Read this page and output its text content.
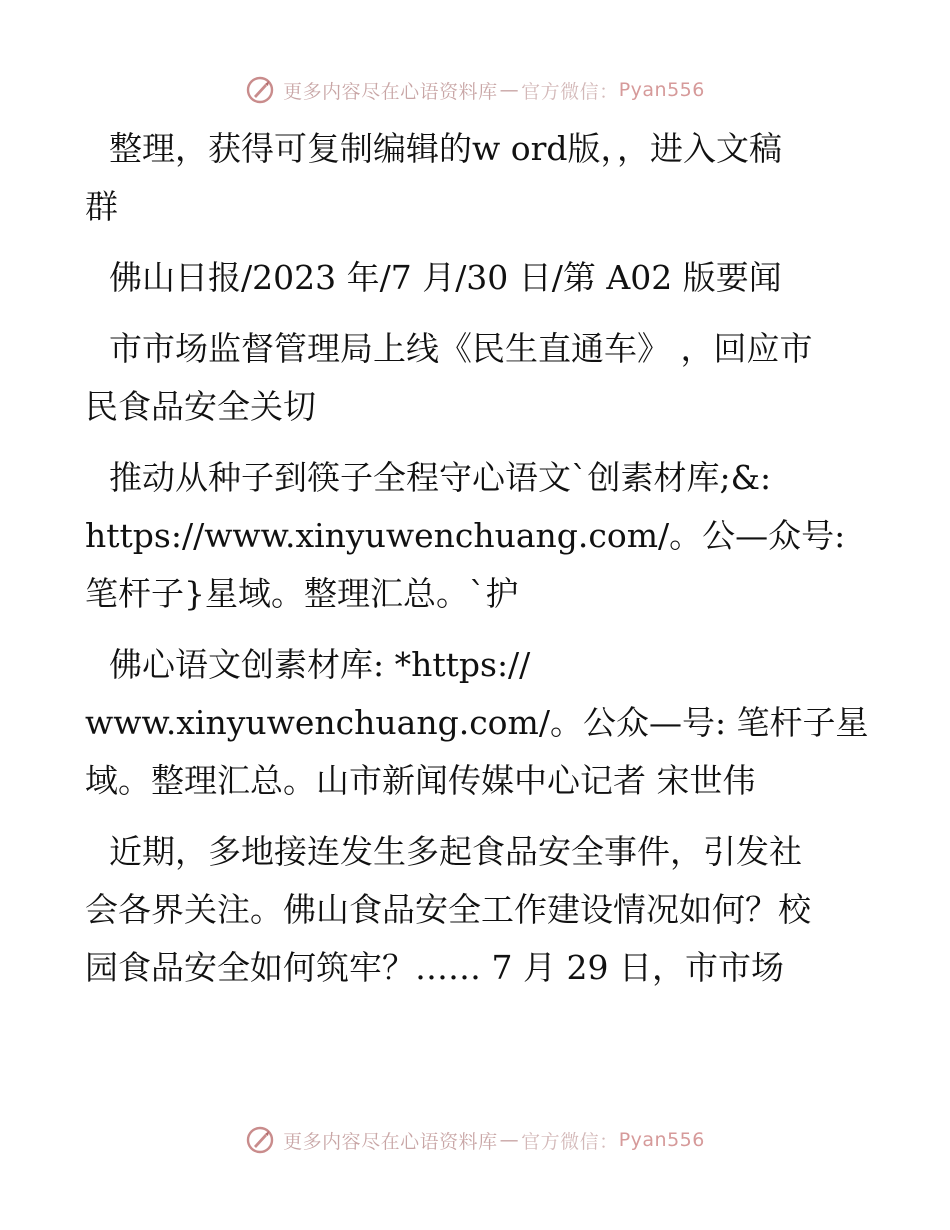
更多内容尽在心语资料库 — 官方微信： Pyan556

整理，获得可复制编辑的w ord版，，进入文稿
群

佛山日报/2023 年/7 月/30 日/第 A02 版要闻

市市场监督管理局上线《民生直通车》 ，回应市
民食品安全关切

推动从种子到筷子全程守心语文`创素材库;&:
https://www.xinyuwenchuang.com/。公—众号:
笔杆子}星域。整理汇总。`护

佛心语文创素材库: *https://
www.xinyuwenchuang.com/。公众—号: 笔杆子星
域。整理汇总。山市新闻传媒中心记者 宋世伟

近期，多地接连发生多起食品安全事件，引发社
会各界关注。佛山食品安全工作建设情况如何？校
园食品安全如何筑牢？…… 7 月 29 日，市市场

更多内容尽在心语资料库 — 官方微信： Pyan556
